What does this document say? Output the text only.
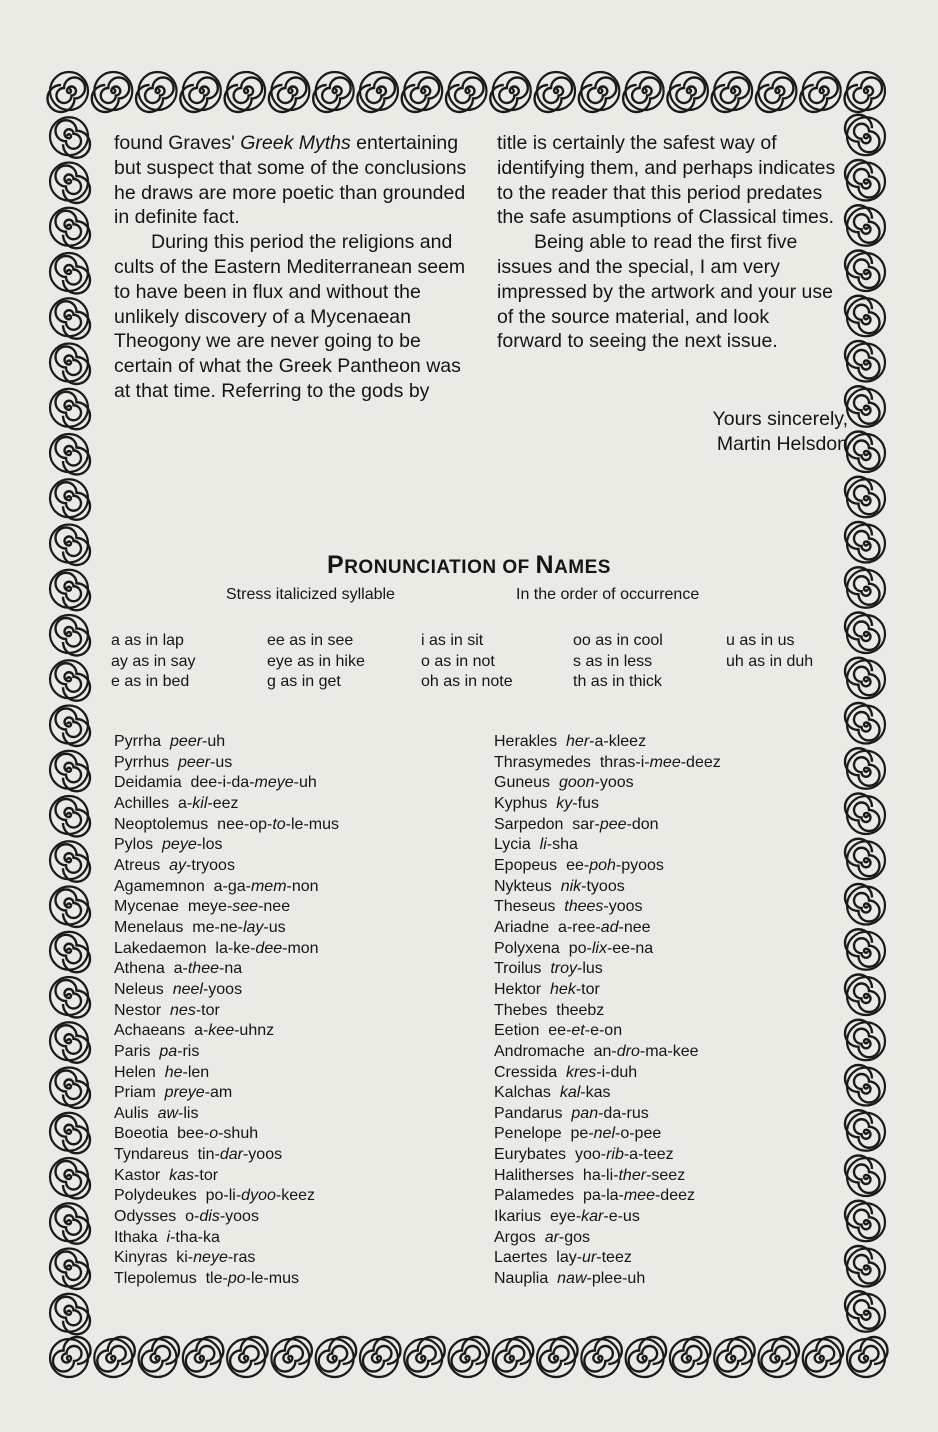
found Graves' Greek Myths entertaining but suspect that some of the conclusions he draws are more poetic than grounded in definite fact.

During this period the religions and cults of the Eastern Mediterranean seem to have been in flux and without the unlikely discovery of a Mycenaean Theogony we are never going to be certain of what the Greek Pantheon was at that time. Referring to the gods by

title is certainly the safest way of identifying them, and perhaps indicates to the reader that this period predates the safe asumptions of Classical times.

Being able to read the first five issues and the special, I am very impressed by the artwork and your use of the source material, and look forward to seeing the next issue.

Yours sincerely,
Martin Helsdon
PRONUNCIATION OF NAMES
Stress italicized syllable	In the order of occurrence
a as in lap
ay as in say
e as in bed
ee as in see
eye as in hike
g as in get
i as in sit
o as in not
oh as in note
oo as in cool
s as in less
th as in thick
u as in us
uh as in duh
Pyrrha  peer-uh
Pyrrhus  peer-us
Deidamia  dee-i-da-meye-uh
Achilles  a-kil-eez
Neoptolemus  nee-op-to-le-mus
Pylos  peye-los
Atreus  ay-tryoos
Agamemnon  a-ga-mem-non
Mycenae  meye-see-nee
Menelaus  me-ne-lay-us
Lakedaemon  la-ke-dee-mon
Athena  a-thee-na
Neleus  neel-yoos
Nestor  nes-tor
Achaeans  a-kee-uhnz
Paris  pa-ris
Helen  he-len
Priam  preye-am
Aulis  aw-lis
Boeotia  bee-o-shuh
Tyndareus  tin-dar-yoos
Kastor  kas-tor
Polydeukes  po-li-dyoo-keez
Odysses  o-dis-yoos
Ithaka  i-tha-ka
Kinyras  ki-neye-ras
Tlepolemus  tle-po-le-mus
Herakles  her-a-kleez
Thrasymedes  thras-i-mee-deez
Guneus  goon-yoos
Kyphus  ky-fus
Sarpedon  sar-pee-don
Lycia  li-sha
Epopeus  ee-poh-pyoos
Nykteus  nik-tyoos
Theseus  thees-yoos
Ariadne  a-ree-ad-nee
Polyxena  po-lix-ee-na
Troilus  troy-lus
Hektor  hek-tor
Thebes  theebz
Eetion  ee-et-e-on
Andromache  an-dro-ma-kee
Cressida  kres-i-duh
Kalchas  kal-kas
Pandarus  pan-da-rus
Penelope  pe-nel-o-pee
Eurybates  yoo-rib-a-teez
Halitherses  ha-li-ther-seez
Palamedes  pa-la-mee-deez
Ikarius  eye-kar-e-us
Argos  ar-gos
Laertes  lay-ur-teez
Nauplia  naw-plee-uh
